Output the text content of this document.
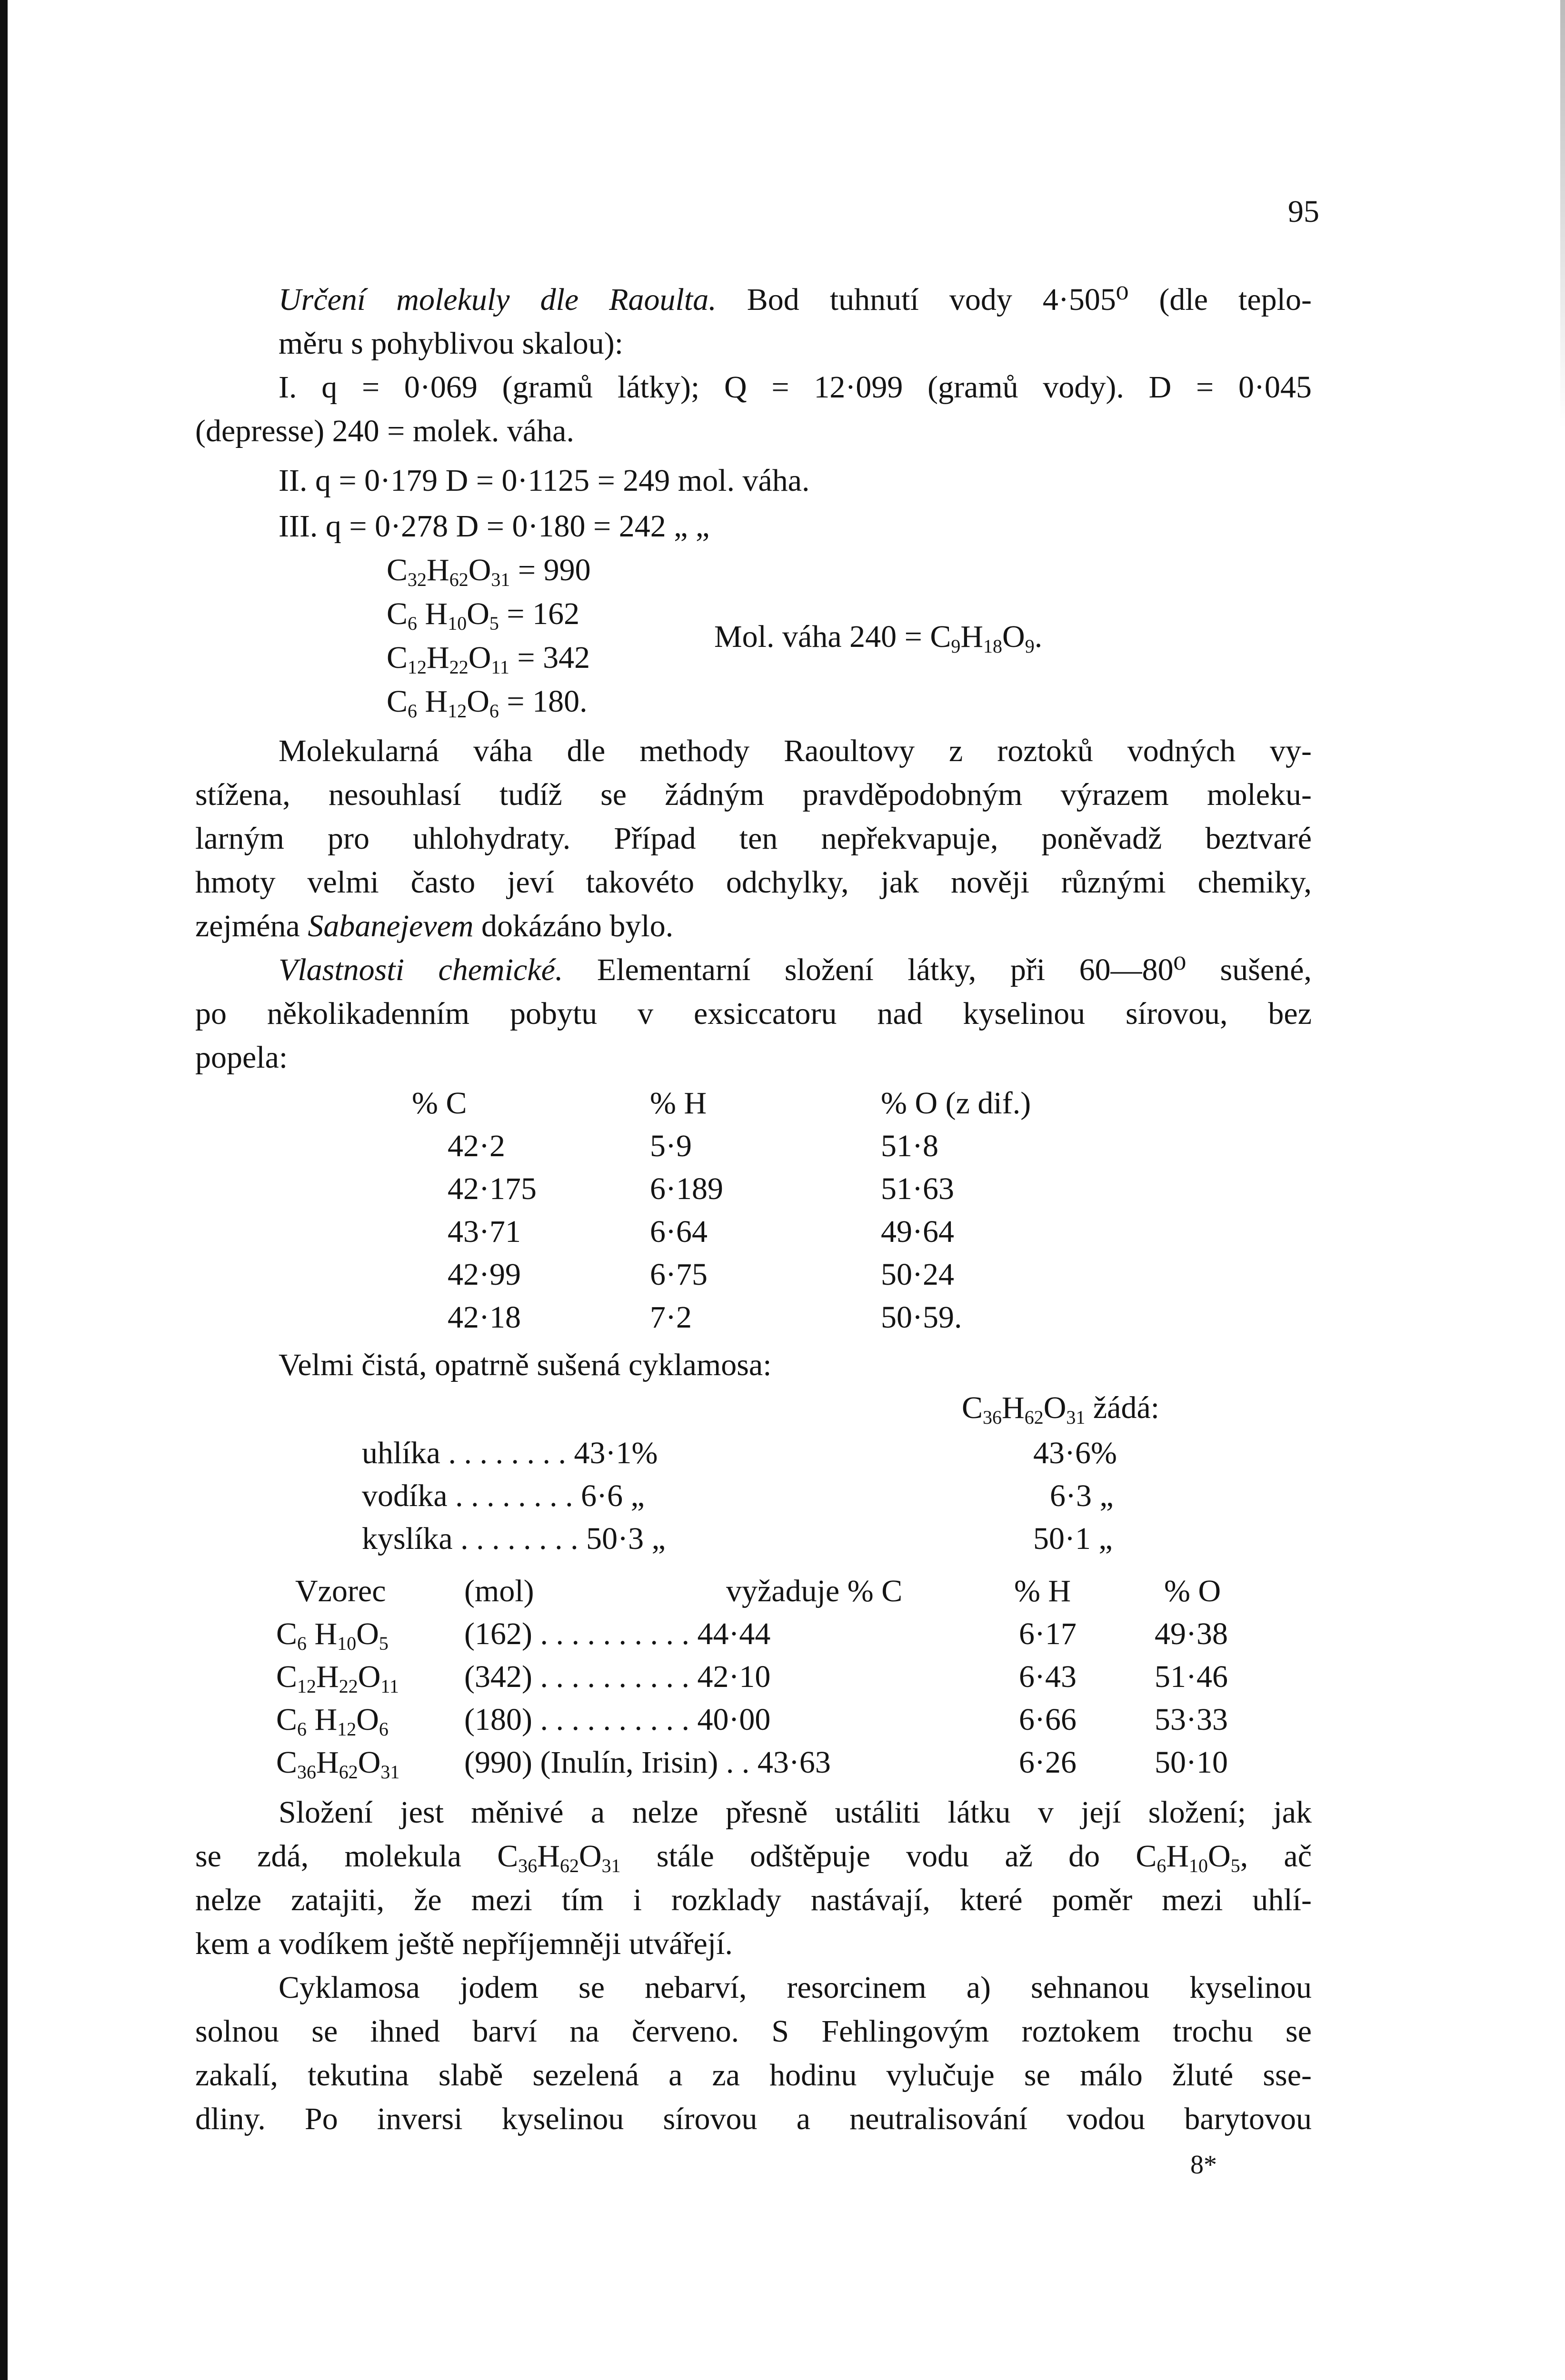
95
Určení molekuly dle Raoulta. Bod tuhnutí vody 4·505⁰ (dle teplo-
měru s pohyblivou skalou):
I. q = 0·069 (gramů látky); Q = 12·099 (gramů vody). D = 0·045
(depresse) 240 = molek. váha.
II. q = 0·179 D = 0·1125 = 249 mol. váha.
III. q = 0·278 D = 0·180 = 242 „ „
$C_{32}H_{62}O_{31} = 990$
$C_6$ $H_{10}O_5 = 162$
$C_{12}H_{22}O_{11} = 342$
$C_6$ $H_{12}O_6 = 180$.
Mol. váha $240 = C_9H_{18}O_9$.
Molekularná váha dle methody Raoultovy z roztoků vodných vy-
stížena, nesouhlasí tudíž se žádným pravděpodobným výrazem moleku-
larným pro uhlohydraty. Případ ten nepřekvapuje, poněvadž beztvaré
hmoty velmi často jeví takovéto odchylky, jak nověji různými chemiky,
zejména Sabanejevem dokázáno bylo.
Vlastnosti chemické. Elementarní složení látky, při 60—80⁰ sušené,
po několikadenním pobytu v exsiccatoru nad kyselinou sírovou, bez
popela:
% C	% H	% O (z dif.)
42·2	5·9	51·8
42·175	6·189	51·63
43·71	6·64	49·64
42·99	6·75	50·24
42·18	7·2	50·59.
Velmi čistá, opatrně sušená cyklamosa:
$C_{36}H_{62}O_{31}$ žádá:
uhlíka . . . . . . . . 43·1%	43·6%
vodíka . . . . . . . . 6·6 „	6·3 „
kyslíka . . . . . . . . 50·3 „	50·1 „
Vzorec (mol)	vyžaduje % C	% H	% O
$C_6$ $H_{10}O_5$ (162) . . . . . . . . . . 44·44	6·17 49·38
$C_{12}H_{22}O_{11}$ (342) . . . . . . . . . . 42·10	6·43 51·46
$C_6$ $H_{12}O_6$ (180) . . . . . . . . . . 40·00	6·66 53·33
$C_{36}H_{62}O_{31}$ (990) (Inulín, Irisin) . . 43·63	6·26 50·10
Složení jest měnivé a nelze přesně ustáliti látku v její složení; jak
se zdá, molekula $C_{36}H_{62}O_{31}$ stále odštěpuje vodu až do $C_6H_{10}O_5$, ač
nelze zatajiti, že mezi tím i rozklady nastávají, které poměr mezi uhlí-
kem a vodíkem ještě nepříjemněji utvářejí.
Cyklamosa jodem se nebarví, resorcinem a) sehnanou kyselinou
solnou se ihned barví na červeno. S Fehlingovým roztokem trochu se
zakalí, tekutina slabě sezelená a za hodinu vylučuje se málo žluté sse-
dliny. Po inversi kyselinou sírovou a neutralisování vodou barytovou
8*
